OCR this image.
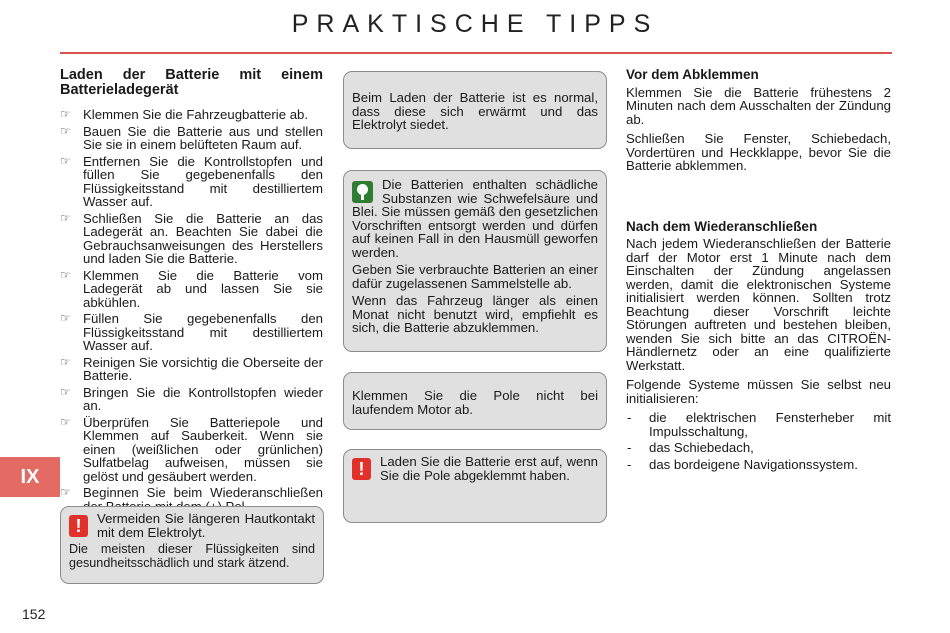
PRAKTISCHE TIPPS
IX
152
Laden der Batterie mit einem Batterieladegerät
☞ Klemmen Sie die Fahrzeugbatterie ab.
☞ Bauen Sie die Batterie aus und stellen Sie sie in einem belüfteten Raum auf.
☞ Entfernen Sie die Kontrollstopfen und füllen Sie gegebenenfalls den Flüssigkeitsstand mit destilliertem Wasser auf.
☞ Schließen Sie die Batterie an das Ladegerät an. Beachten Sie dabei die Gebrauchsanweisungen des Herstellers und laden Sie die Batterie.
☞ Klemmen Sie die Batterie vom Ladegerät ab und lassen Sie sie abkühlen.
☞ Füllen Sie gegebenenfalls den Flüssigkeitsstand mit destilliertem Wasser auf.
☞ Reinigen Sie vorsichtig die Oberseite der Batterie.
☞ Bringen Sie die Kontrollstopfen wieder an.
☞ Überprüfen Sie Batteriepole und Klemmen auf Sauberkeit. Wenn sie einen (weißlichen oder grünlichen) Sulfatbelag aufweisen, müssen sie gelöst und gesäubert werden.
☞ Beginnen Sie beim Wiederanschließen
!	Vermeiden Sie längeren Hautkontakt mit dem Elektrolyt.

Die meisten dieser Flüssigkeiten sind gesundheitsschädlich und stark ätzend.

Beim Laden der Batterie ist es normal, dass diese sich erwärmt und das Elektrolyt siedet.

Die Batterien enthalten schädliche Substanzen wie Schwefelsäure und Blei. Sie müssen gemäß den gesetzlichen Vorschriften entsorgt werden und dürfen auf keinen Fall in den Hausmüll geworfen werden.

Geben Sie verbrauchte Batterien an einer dafür zugelassenen Sammelstelle ab.

Wenn das Fahrzeug länger als einen Monat nicht benutzt wird, empfiehlt es sich, die Batterie abzuklemmen.

Klemmen Sie die Pole nicht bei laufendem Motor ab.

!	Laden Sie die Batterie erst auf, wenn Sie die Pole abgeklemmt haben.

Vor dem Abklemmen

Klemmen Sie die Batterie frühestens 2 Minuten nach dem Ausschalten der Zündung ab.

Schließen Sie Fenster, Schiebedach, Vordertüren und Heckklappe, bevor Sie die Batterie abklemmen.

Nach dem Wiederanschließen

Nach jedem Wiederanschließen der Batterie darf der Motor erst 1 Minute nach dem Einschalten der Zündung angelassen werden, damit die elektronischen Systeme initialisiert werden können. Sollten trotz Beachtung dieser Vorschrift leichte Störungen auftreten und bestehen bleiben, wenden Sie sich bitte an das CITROËN-Händlernetz oder an eine qualifizierte Werkstatt.

Folgende Systeme müssen Sie selbst neu initialisieren:

- die elektrischen Fensterheber mit Impulsschaltung,
- das Schiebedach,
- das bordeigene Navigationssystem.
